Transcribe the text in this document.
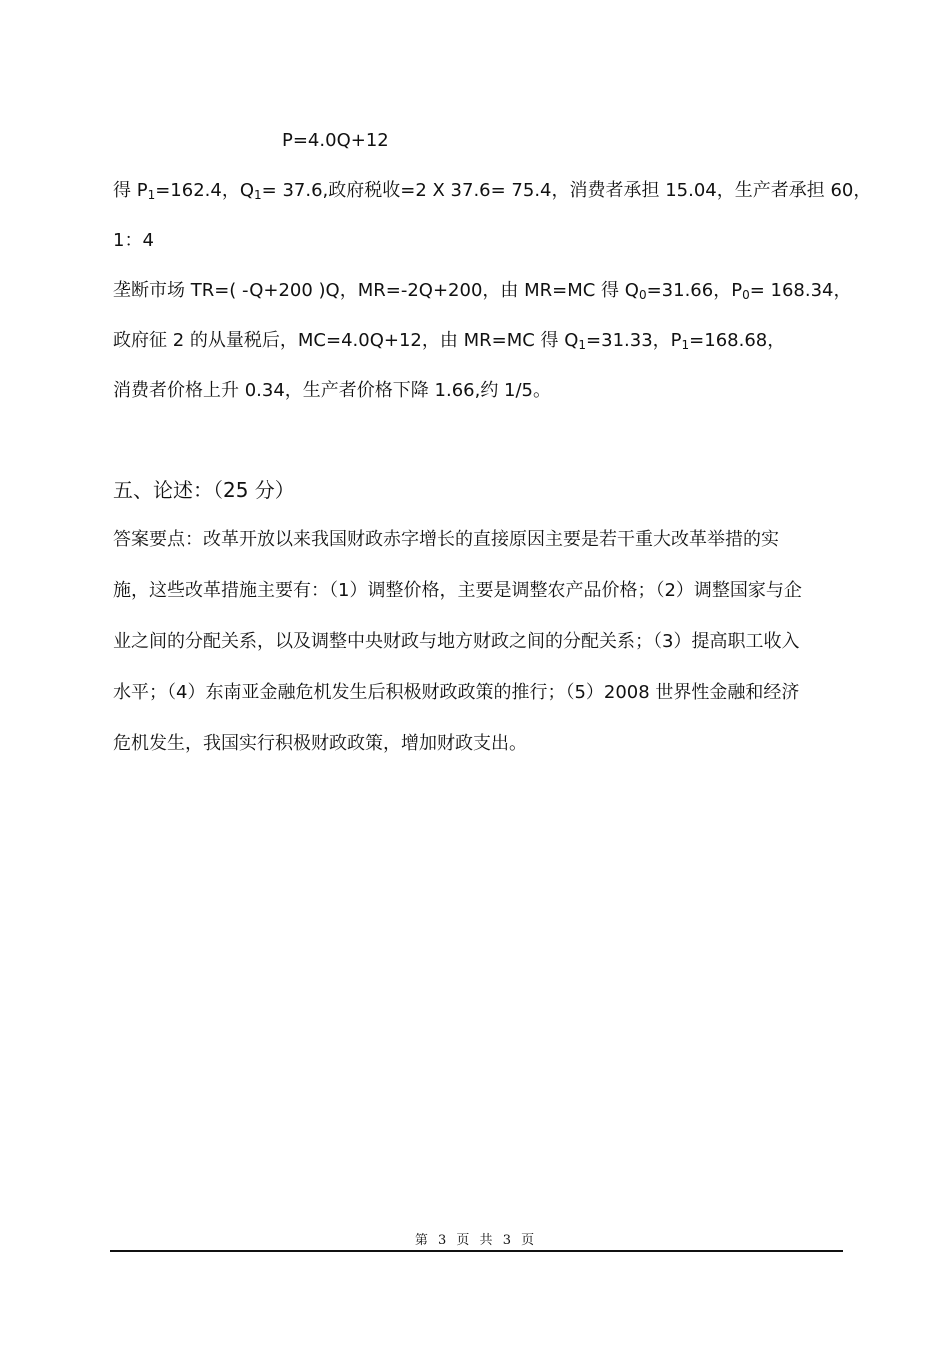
P=4.0Q+12
得 $P_1=162.4$，$Q_1= 37.6$,政府税收=2 X 37.6= 75.4，消费者承担 15.04，生产者承担 60，
1：4
垄断市场 TR=( -Q+200 )Q，MR=-2Q+200，由 MR=MC 得 $Q_0=31.66$，$P_0= 168.34$，
政府征 2 的从量税后，MC=4.0Q+12，由 MR=MC 得 $Q_1=31.33$，$P_1=168.68$，
消费者价格上升 0.34，生产者价格下降 1.66,约 1/5。
五、论述：（25 分）
答案要点：改革开放以来我国财政赤字增长的直接原因主要是若干重大改革举措的实
施，这些改革措施主要有：（1）调整价格，主要是调整农产品价格；（2）调整国家与企
业之间的分配关系，以及调整中央财政与地方财政之间的分配关系；（3）提高职工收入
水平；（4）东南亚金融危机发生后积极财政政策的推行；（5）2008 世界性金融和经济
危机发生，我国实行积极财政政策，增加财政支出。
第 3 页 共 3 页
